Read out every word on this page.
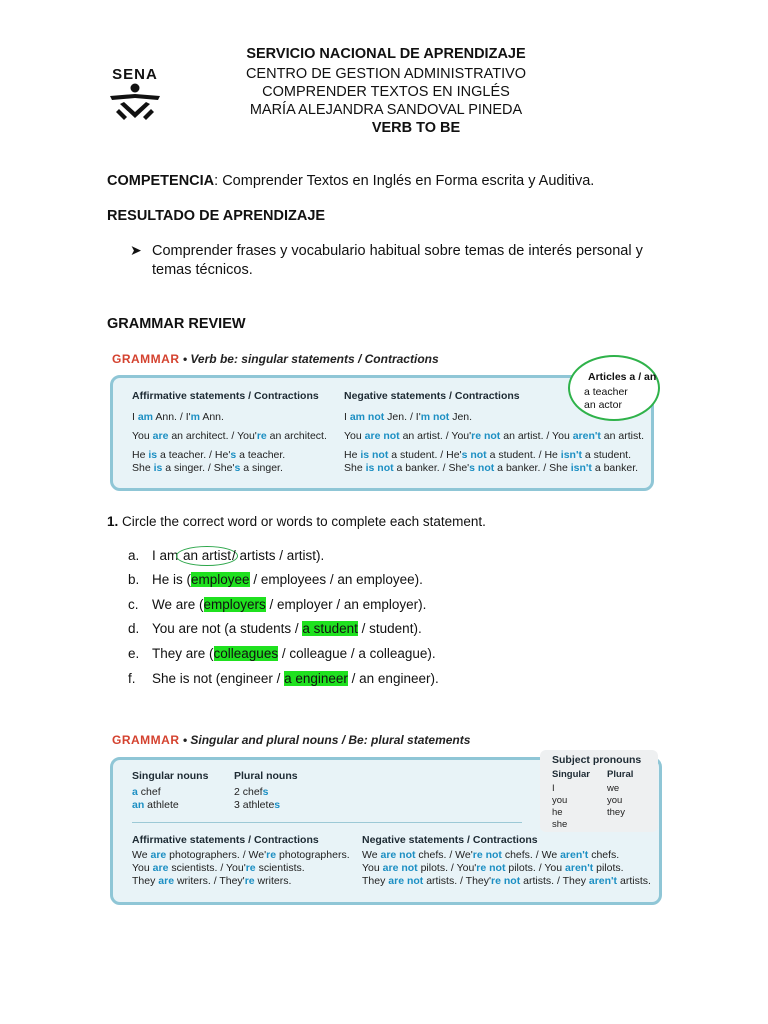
SENA
SERVICIO NACIONAL DE APRENDIZAJE
CENTRO DE GESTION ADMINISTRATIVO
COMPRENDER TEXTOS EN INGLÉS
MARÍA ALEJANDRA SANDOVAL PINEDA
VERB TO BE
COMPETENCIA: Comprender Textos en Inglés en Forma escrita y Auditiva.
RESULTADO DE APRENDIZAJE
➤ Comprender frases y vocabulario habitual sobre temas de interés personal y temas técnicos.
GRAMMAR REVIEW
GRAMMAR • Verb be: singular statements / Contractions
Affirmative statements / Contractions Negative statements / Contractions
I am Ann. / I'm Ann.
You are an architect. / You're an architect.
He is a teacher. / He's a teacher.
She is a singer. / She's a singer.
I am not Jen. / I'm not Jen.
You are not an artist. / You're not an artist. / You aren't an artist.
He is not a student. / He's not a student. / He isn't a student.
She is not a banker. / She's not a banker. / She isn't a banker.
Articles a / an
a teacher
an actor
1. Circle the correct word or words to complete each statement.
a. I am an artist/ artists / artist).
b. He is (employee / employees / an employee).
c. We are (employers / employer / an employer).
d. You are not (a students / a student / student).
e. They are (colleagues / colleague / a colleague).
f. She is not (engineer / a engineer / an engineer).
GRAMMAR • Singular and plural nouns / Be: plural statements
Singular nouns Plural nouns
a chef
an athlete
2 chefs
3 athletes
Affirmative statements / Contractions	Negative statements / Contractions
We are photographers. / We're photographers.
You are scientists. / You're scientists.
They are writers. / They're writers.
We are not chefs. / We're not chefs. / We aren't chefs.
You are not pilots. / You're not pilots. / You aren't pilots.
They are not artists. / They're not artists. / They aren't artists.
Subject pronouns
Singular Plural
I
you
he
she
we
you
they
